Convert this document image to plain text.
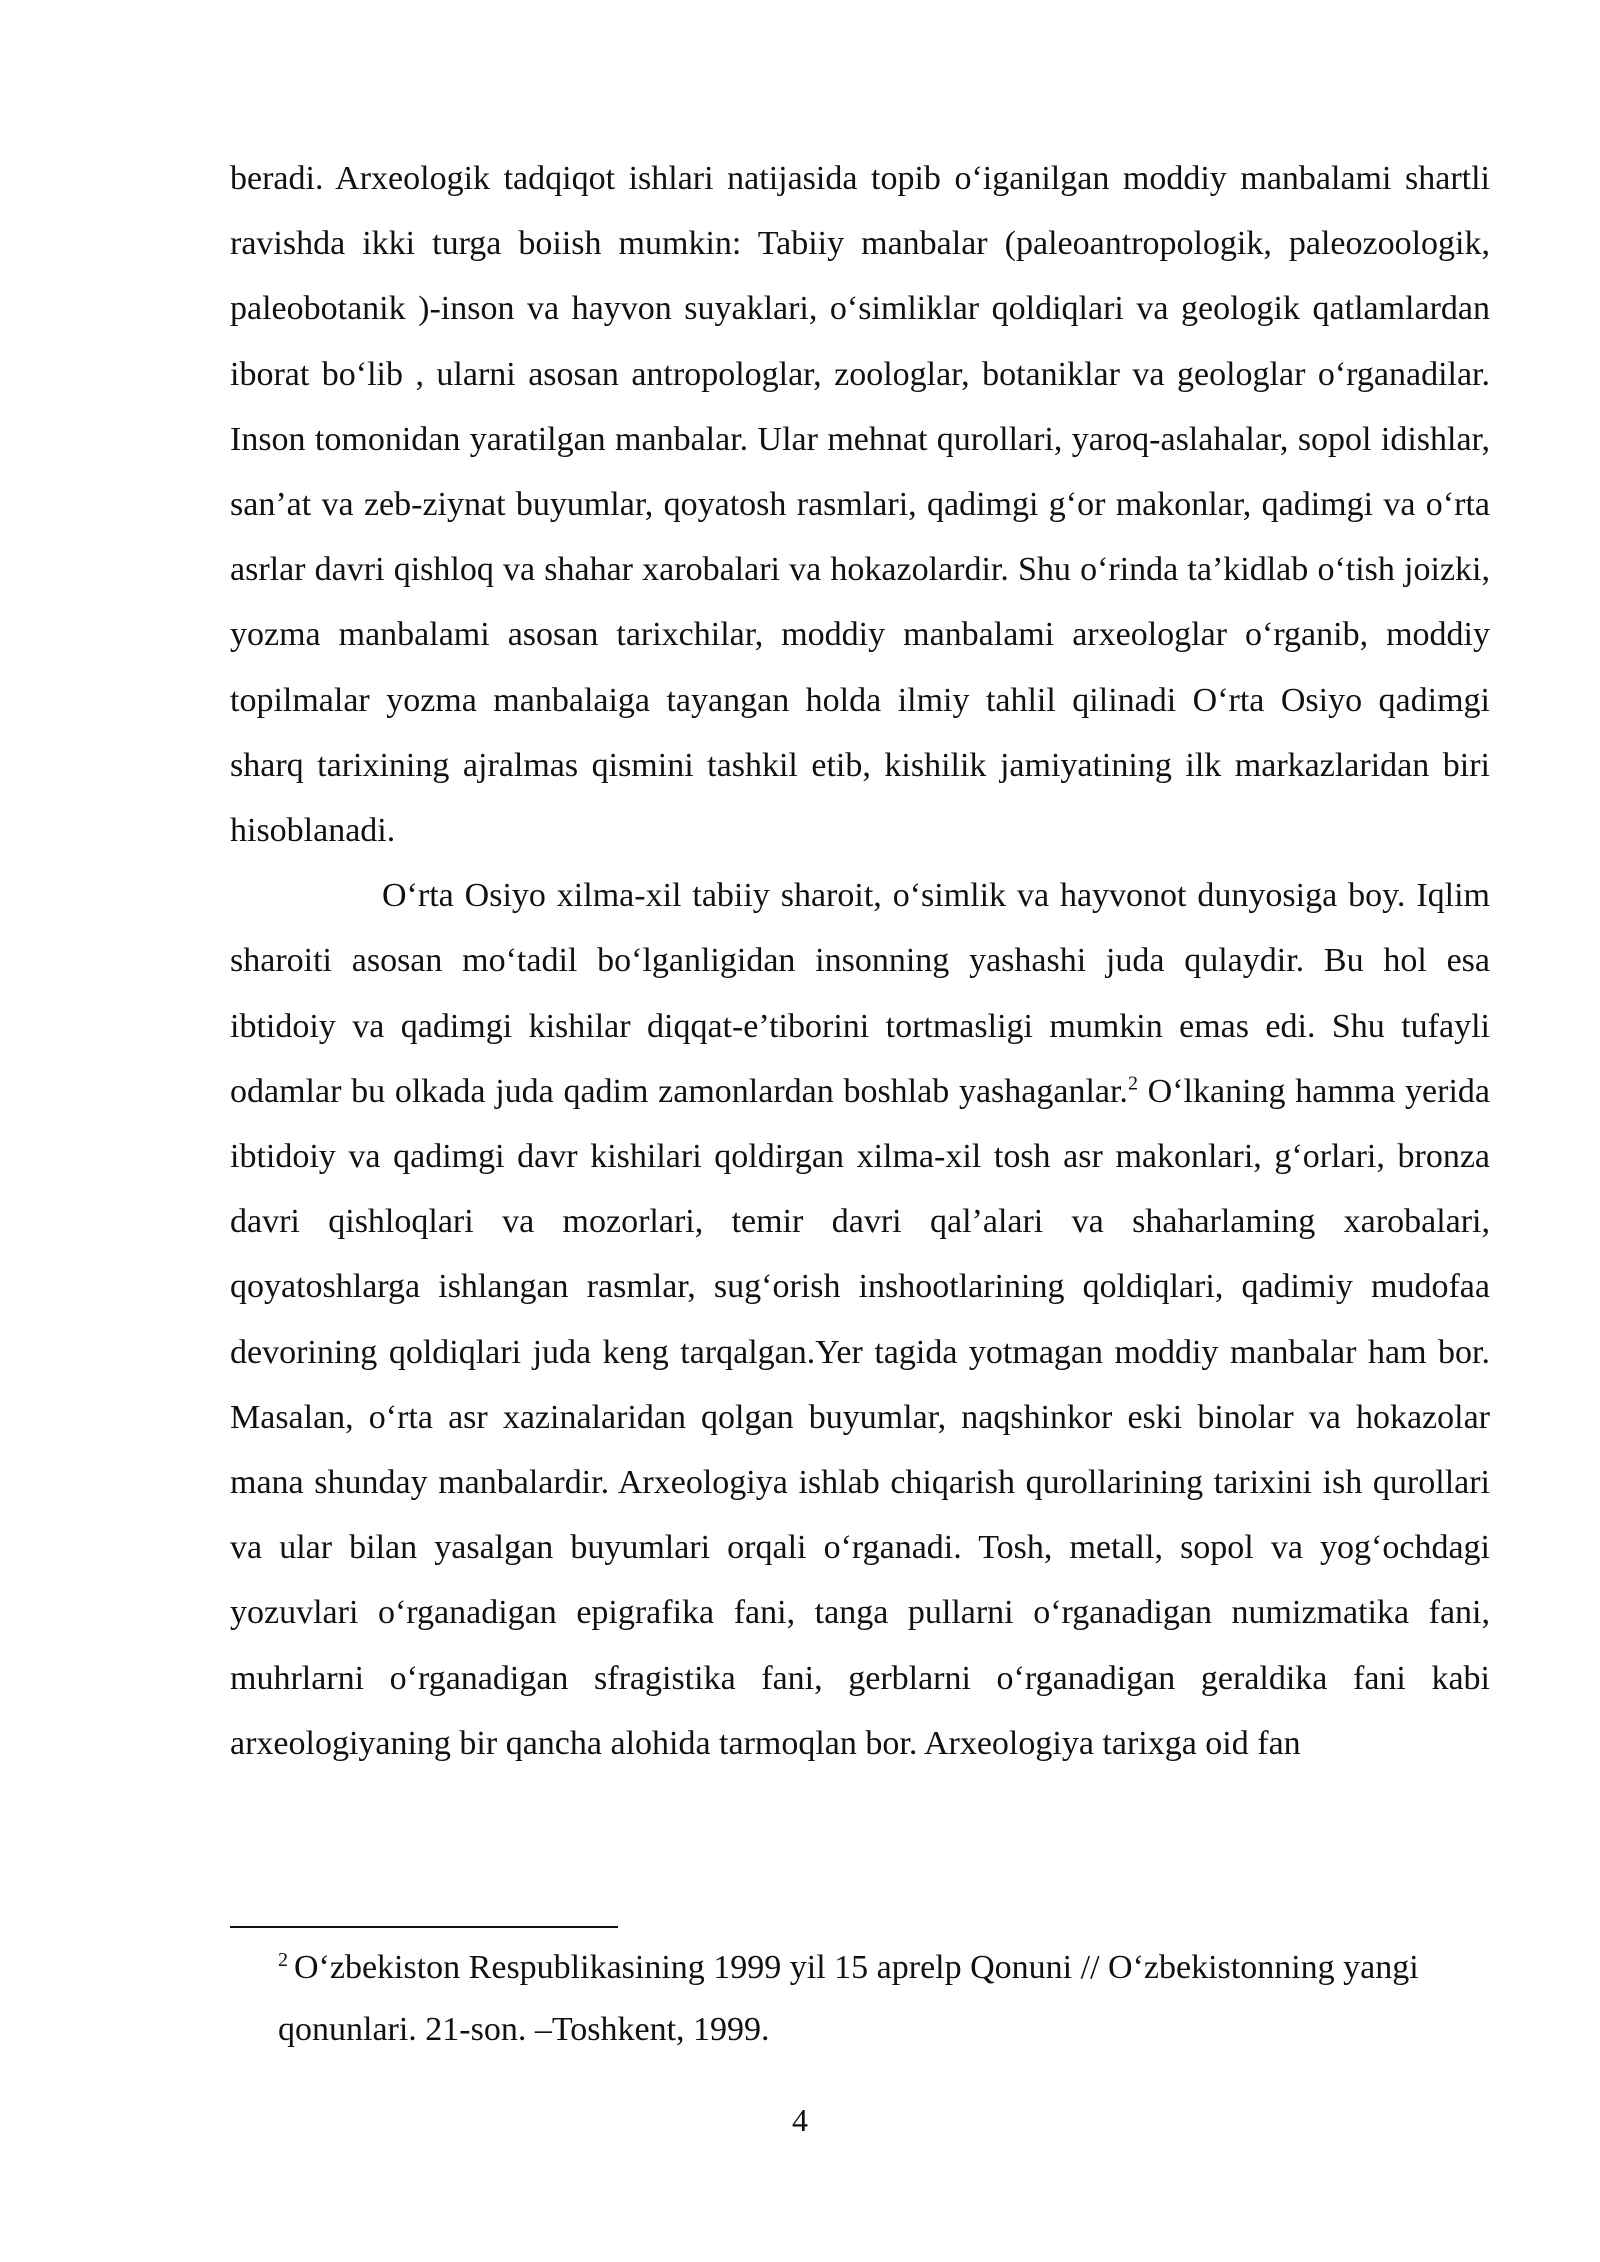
beradi. Arxeologik tadqiqot ishlari natijasida topib o‘iganilgan moddiy manbalami shartli ravishda ikki turga boiish mumkin: Tabiiy manbalar (paleoantropologik, paleozoologik, paleobotanik )-inson va hayvon suyaklari, o‘simliklar qoldiqlari va geologik qatlamlardan iborat bo‘lib , ularni asosan antropologlar, zoologlar, botaniklar va geologlar o‘rganadilar. Inson tomonidan yaratilgan manbalar. Ular mehnat qurollari, yaroq-aslahalar, sopol idishlar, san’at va zeb-ziynat buyumlar, qoyatosh rasmlari, qadimgi g‘or makonlar, qadimgi va o‘rta asrlar davri qishloq va shahar xarobalari va hokazolardir. Shu o‘rinda ta’kidlab o‘tish joizki, yozma manbalami asosan tarixchilar, moddiy manbalami arxeologlar o‘rganib, moddiy topilmalar yozma manbalaiga tayangan holda ilmiy tahlil qilinadi O‘rta Osiyo qadimgi sharq tarixining ajralmas qismini tashkil etib, kishilik jamiyatining ilk markazlaridan biri hisoblanadi.

O‘rta Osiyo xilma-xil tabiiy sharoit, o‘simlik va hayvonot dunyosiga boy. Iqlim sharoiti asosan mo‘tadil bo‘lganligidan insonning yashashi juda qulaydir. Bu hol esa ibtidoiy va qadimgi kishilar diqqat-e’tiborini tortmasligi mumkin emas edi. Shu tufayli odamlar bu olkada juda qadim zamonlardan boshlab yashaganlar.$^2$ O‘lkaning hamma yerida ibtidoiy va qadimgi davr kishilari qoldirgan xilma-xil tosh asr makonlari, g‘orlari, bronza davri qishloqlari va mozorlari, temir davri qal’alari va shaharlaming xarobalari, qoyatoshlarga ishlangan rasmlar, sug‘orish inshootlarining qoldiqlari, qadimiy mudofaa devorining qoldiqlari juda keng tarqalgan.Yer tagida yotmagan moddiy manbalar ham bor. Masalan, o‘rta asr xazinalaridan qolgan buyumlar, naqshinkor eski binolar va hokazolar mana shunday manbalardir. Arxeologiya ishlab chiqarish qurollarining tarixini ish qurollari va ular bilan yasalgan buyumlari orqali o‘rganadi. Tosh, metall, sopol va yog‘ochdagi yozuvlari o‘rganadigan epigrafika fani, tanga pullarni o‘rganadigan numizmatika fani, muhrlarni o‘rganadigan sfragistika fani, gerblarni o‘rganadigan geraldika fani kabi arxeologiyaning bir qancha alohida tarmoqlan bor. Arxeologiya tarixga oid fan

$^2$ O‘zbekiston Respublikasining 1999 yil 15 aprelp Qonuni // O‘zbekistonning yangi qonunlari. 21-son. –Toshkent, 1999.

4
